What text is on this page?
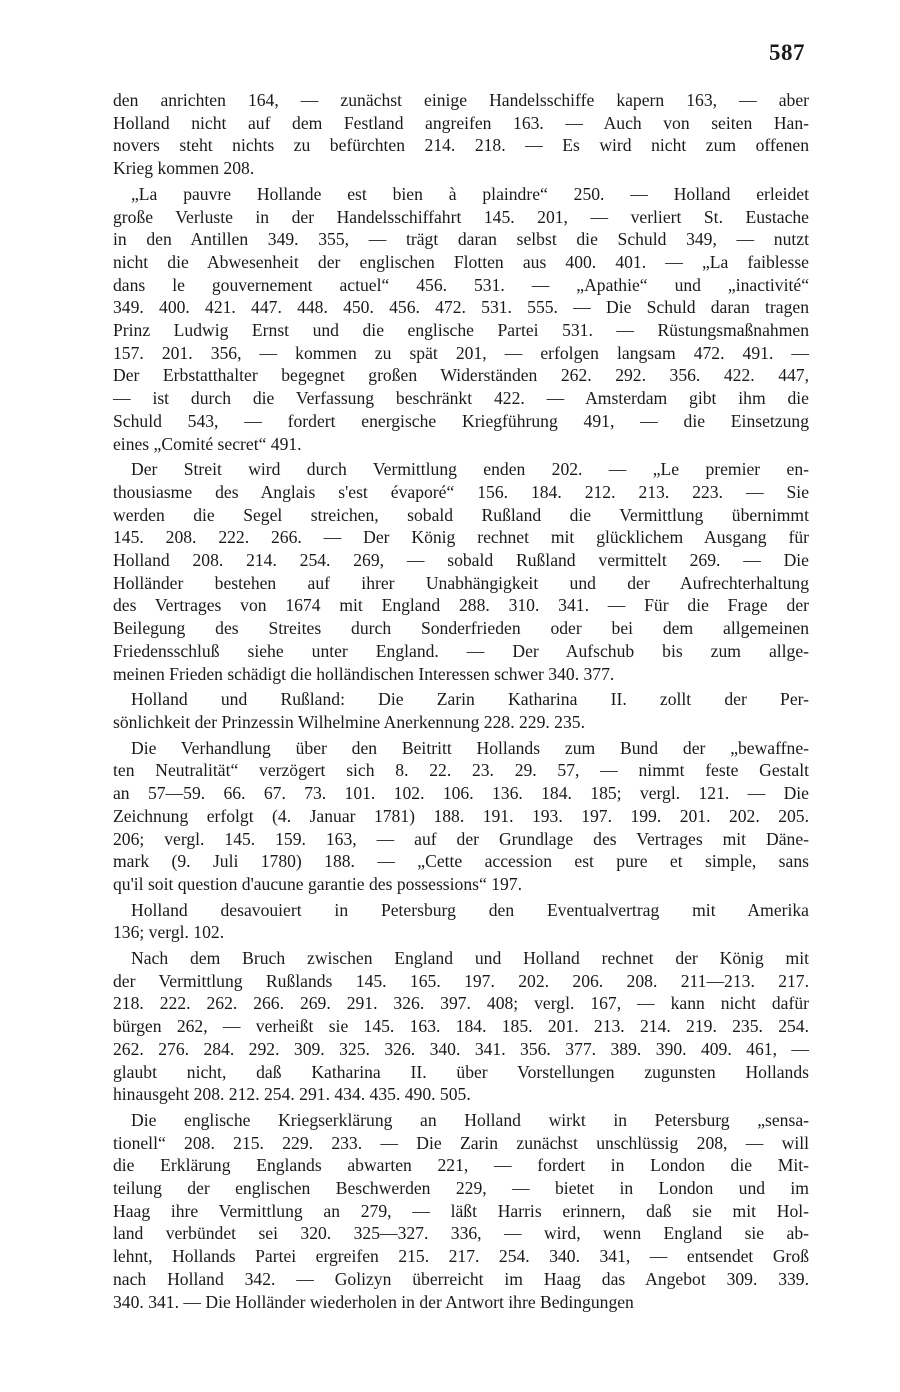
587
den anrichten 164, — zunächst einige Handelsschiffe kapern 163, — aber
Holland nicht auf dem Festland angreifen 163. — Auch von seiten Han-
novers steht nichts zu befürchten 214. 218. — Es wird nicht zum offenen
Krieg kommen 208.
„La pauvre Hollande est bien à plaindre“ 250. — Holland erleidet
große Verluste in der Handelsschiffahrt 145. 201, — verliert St. Eustache
in den Antillen 349. 355, — trägt daran selbst die Schuld 349, — nutzt
nicht die Abwesenheit der englischen Flotten aus 400. 401. — „La faiblesse
dans le gouvernement actuel“ 456. 531. — „Apathie“ und „inactivité“
349. 400. 421. 447. 448. 450. 456. 472. 531. 555. — Die Schuld daran tragen
Prinz Ludwig Ernst und die englische Partei 531. — Rüstungsmaßnahmen
157. 201. 356, — kommen zu spät 201, — erfolgen langsam 472. 491. —
Der Erbstatthalter begegnet großen Widerständen 262. 292. 356. 422. 447,
— ist durch die Verfassung beschränkt 422. — Amsterdam gibt ihm die
Schuld 543, — fordert energische Kriegführung 491, — die Einsetzung
eines „Comité secret“ 491.
Der Streit wird durch Vermittlung enden 202. — „Le premier en-
thousiasme des Anglais s'est évaporé“ 156. 184. 212. 213. 223. — Sie
werden die Segel streichen, sobald Rußland die Vermittlung übernimmt
145. 208. 222. 266. — Der König rechnet mit glücklichem Ausgang für
Holland 208. 214. 254. 269, — sobald Rußland vermittelt 269. — Die
Holländer bestehen auf ihrer Unabhängigkeit und der Aufrechterhaltung
des Vertrages von 1674 mit England 288. 310. 341. — Für die Frage der
Beilegung des Streites durch Sonderfrieden oder bei dem allgemeinen
Friedensschluß siehe unter England. — Der Aufschub bis zum allge-
meinen Frieden schädigt die holländischen Interessen schwer 340. 377.
Holland und Rußland: Die Zarin Katharina II. zollt der Per-
sönlichkeit der Prinzessin Wilhelmine Anerkennung 228. 229. 235.
Die Verhandlung über den Beitritt Hollands zum Bund der „bewaffne-
ten Neutralität“ verzögert sich 8. 22. 23. 29. 57, — nimmt feste Gestalt
an 57—59. 66. 67. 73. 101. 102. 106. 136. 184. 185; vergl. 121. — Die
Zeichnung erfolgt (4. Januar 1781) 188. 191. 193. 197. 199. 201. 202. 205.
206; vergl. 145. 159. 163, — auf der Grundlage des Vertrages mit Däne-
mark (9. Juli 1780) 188. — „Cette accession est pure et simple, sans
qu'il soit question d'aucune garantie des possessions“ 197.
Holland desavouiert in Petersburg den Eventualvertrag mit Amerika
136; vergl. 102.
Nach dem Bruch zwischen England und Holland rechnet der König mit
der Vermittlung Rußlands 145. 165. 197. 202. 206. 208. 211—213. 217.
218. 222. 262. 266. 269. 291. 326. 397. 408; vergl. 167, — kann nicht dafür
bürgen 262, — verheißt sie 145. 163. 184. 185. 201. 213. 214. 219. 235. 254.
262. 276. 284. 292. 309. 325. 326. 340. 341. 356. 377. 389. 390. 409. 461, —
glaubt nicht, daß Katharina II. über Vorstellungen zugunsten Hollands
hinausgeht 208. 212. 254. 291. 434. 435. 490. 505.
Die englische Kriegserklärung an Holland wirkt in Petersburg „sensa-
tionell“ 208. 215. 229. 233. — Die Zarin zunächst unschlüssig 208, — will
die Erklärung Englands abwarten 221, — fordert in London die Mit-
teilung der englischen Beschwerden 229, — bietet in London und im
Haag ihre Vermittlung an 279, — läßt Harris erinnern, daß sie mit Hol-
land verbündet sei 320. 325—327. 336, — wird, wenn England sie ab-
lehnt, Hollands Partei ergreifen 215. 217. 254. 340. 341, — entsendet Groß
nach Holland 342. — Golizyn überreicht im Haag das Angebot 309. 339.
340. 341. — Die Holländer wiederholen in der Antwort ihre Bedingungen
